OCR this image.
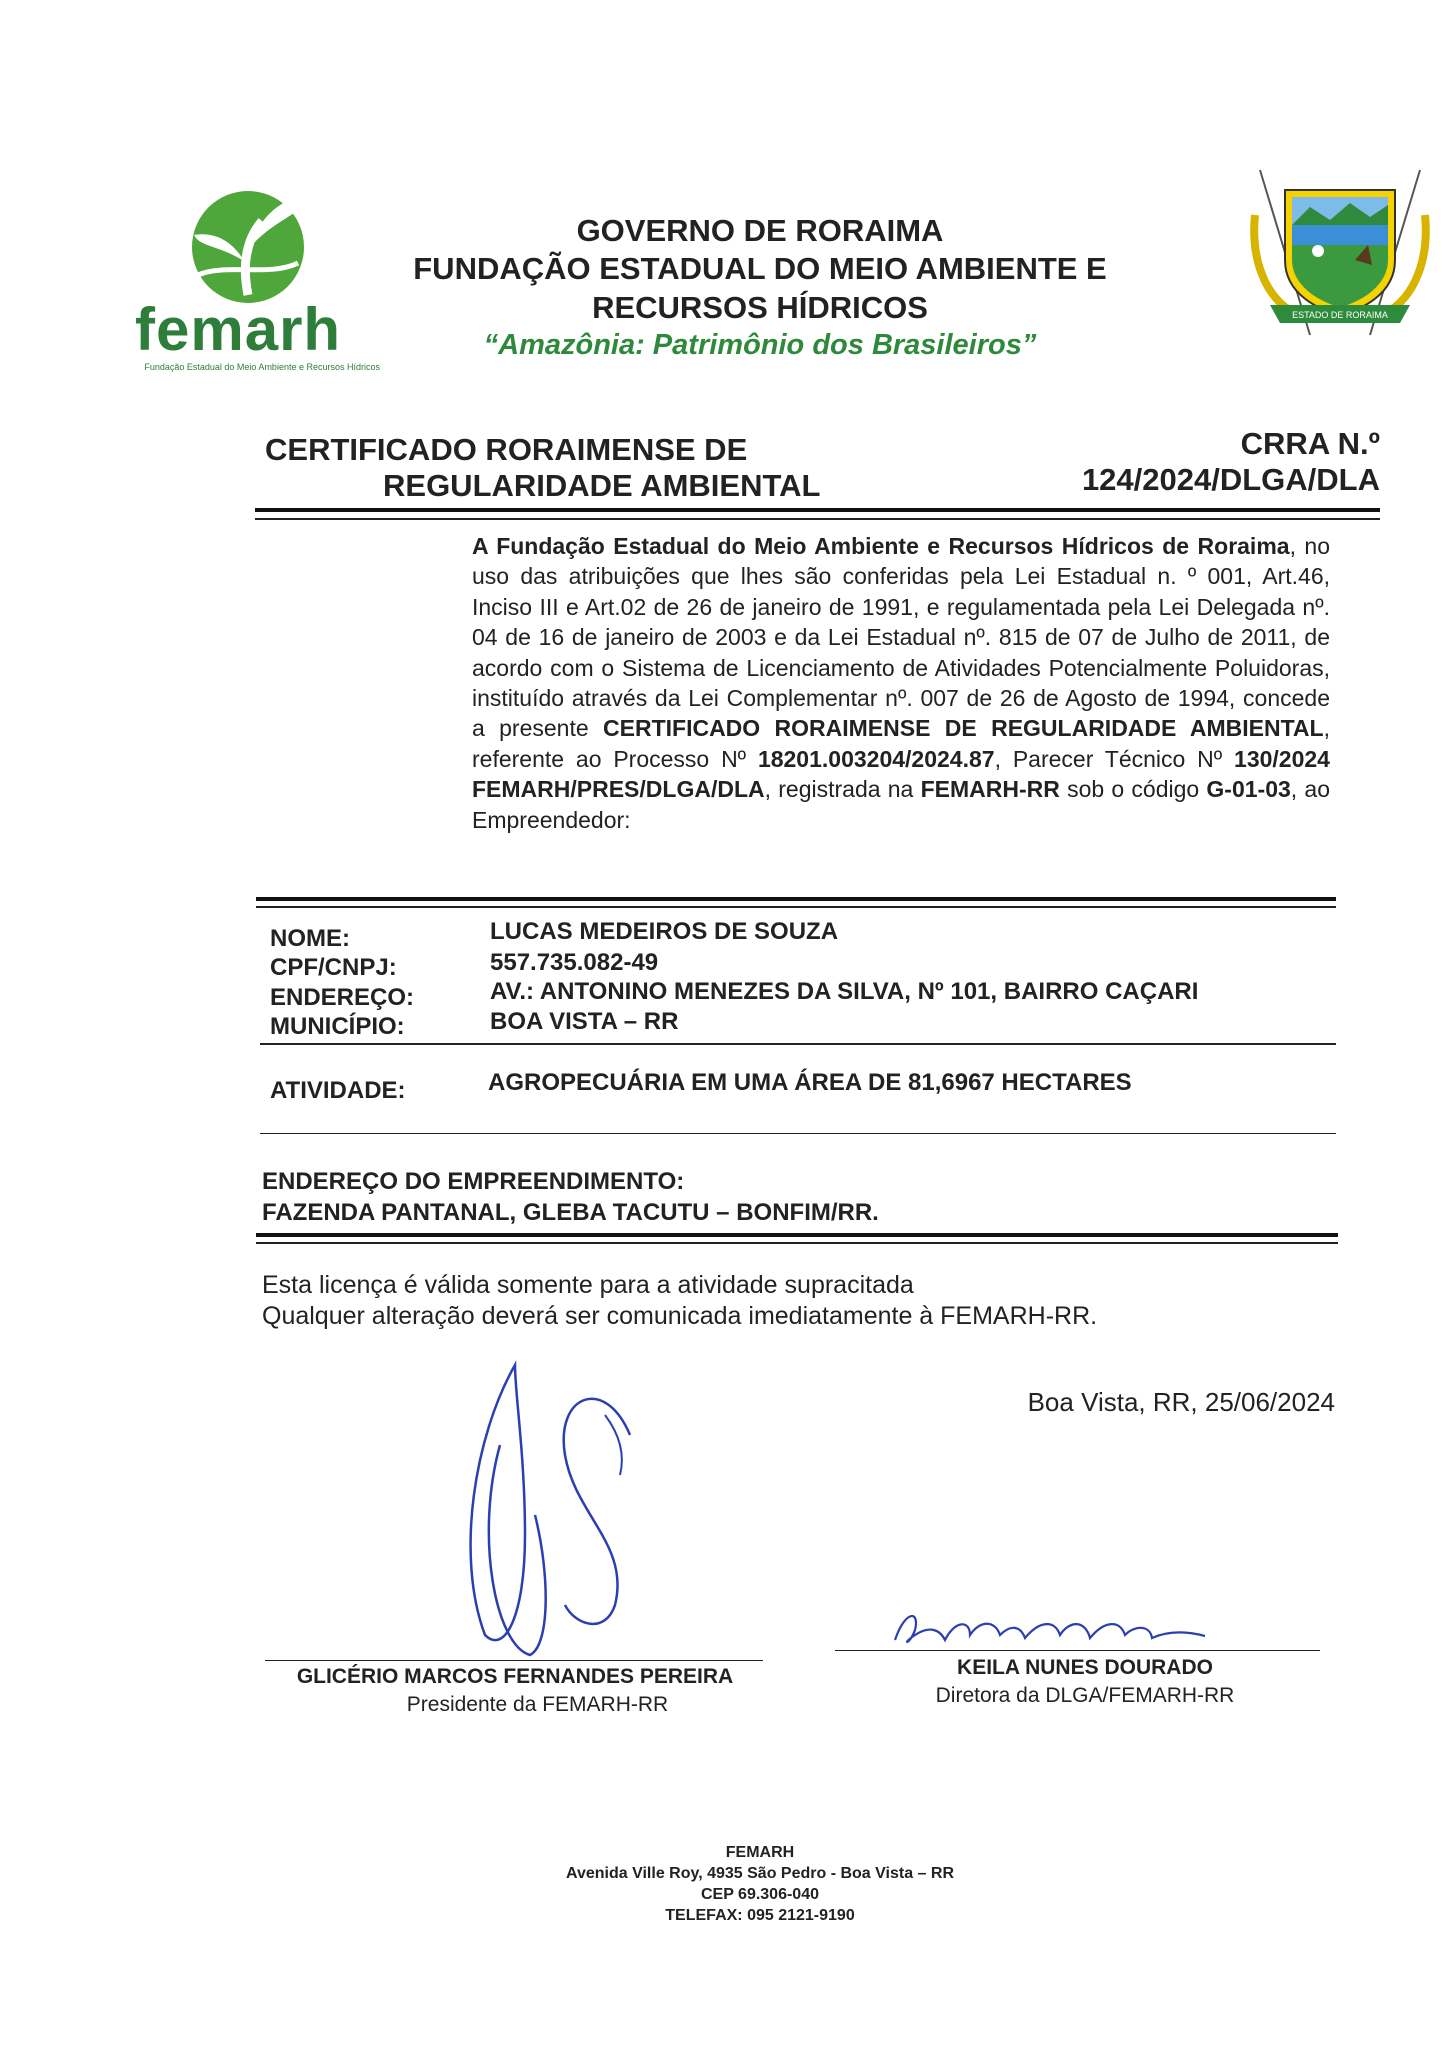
femarh
Fundação Estadual do Meio Ambiente e Recursos Hídricos
GOVERNO DE RORAIMA
FUNDAÇÃO ESTADUAL DO MEIO AMBIENTE E
RECURSOS HÍDRICOS
“Amazônia: Patrimônio dos Brasileiros”
ESTADO DE RORAIMA
CERTIFICADO RORAIMENSE DE
REGULARIDADE AMBIENTAL
CRRA N.º
124/2024/DLGA/DLA
A Fundação Estadual do Meio Ambiente e Recursos Hídricos de Roraima, no uso das atribuições que lhes são conferidas pela Lei Estadual n. º 001, Art.46, Inciso III e Art.02 de 26 de janeiro de 1991, e regulamentada pela Lei Delegada nº. 04 de 16 de janeiro de 2003 e da Lei Estadual nº. 815 de 07 de Julho de 2011, de acordo com o Sistema de Licenciamento de Atividades Potencialmente Poluidoras, instituído através da Lei Complementar nº. 007 de 26 de Agosto de 1994, concede a presente CERTIFICADO RORAIMENSE DE REGULARIDADE AMBIENTAL, referente ao Processo Nº 18201.003204/2024.87, Parecer Técnico Nº 130/2024 FEMARH/PRES/DLGA/DLA, registrada na FEMARH-RR sob o código G-01-03, ao Empreendedor:
NOME:	LUCAS MEDEIROS DE SOUZA
CPF/CNPJ:	557.735.082-49
ENDEREÇO:	AV.: ANTONINO MENEZES DA SILVA, Nº 101, BAIRRO CAÇARI
MUNICÍPIO:	BOA VISTA – RR
ATIVIDADE:	AGROPECUÁRIA EM UMA ÁREA DE 81,6967 HECTARES
ENDEREÇO DO EMPREENDIMENTO:
FAZENDA PANTANAL, GLEBA TACUTU – BONFIM/RR.
Esta licença é válida somente para a atividade supracitada
Qualquer alteração deverá ser comunicada imediatamente à FEMARH-RR.
Boa Vista, RR, 25/06/2024
GLICÉRIO MARCOS FERNANDES PEREIRA
Presidente da FEMARH-RR
KEILA NUNES DOURADO
Diretora da DLGA/FEMARH-RR
FEMARH
Avenida Ville Roy, 4935 São Pedro - Boa Vista – RR
CEP 69.306-040
TELEFAX: 095 2121-9190
